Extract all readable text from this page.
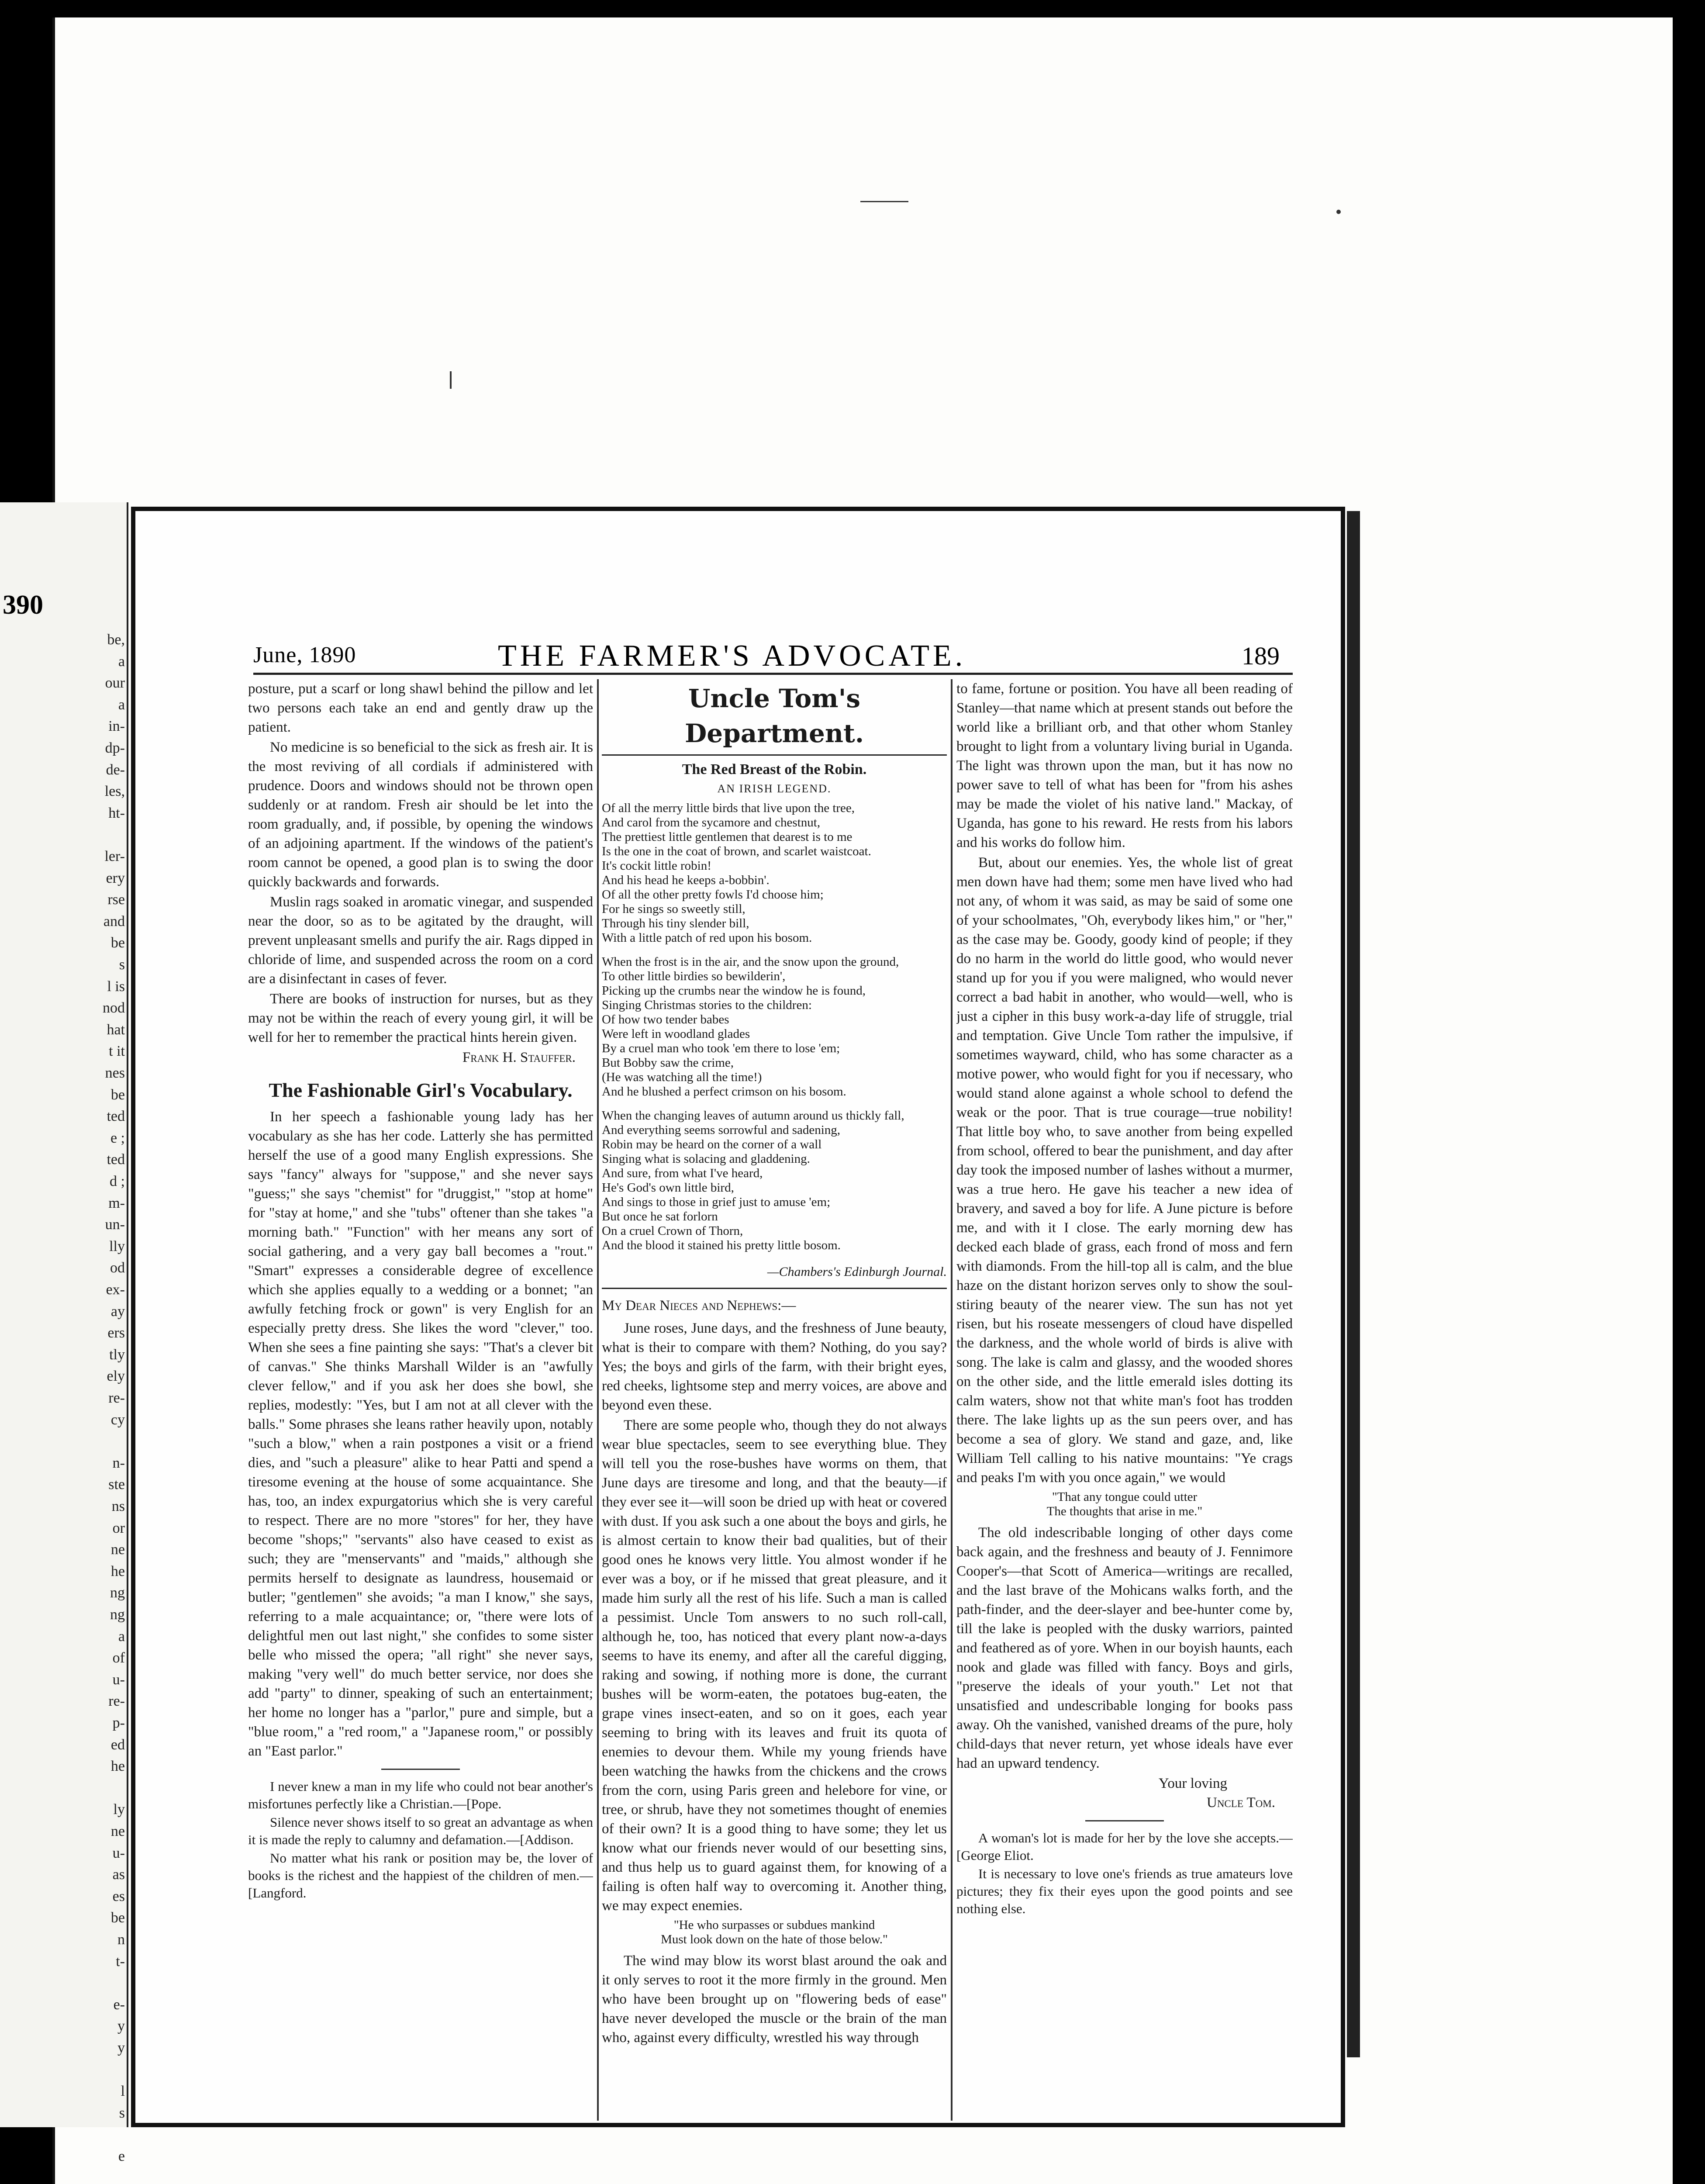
390
be,
a
our
a
in-
dp-
de-
les,
ht-
ler-
ery
rse
and
be
s
l is
nod
hat
t it
nes
be
ted
e ;
ted
d ;
m-
un-
lly
od
ex-
ay
ers
tly
ely
re-
cy
n-
ste
ns
or
ne
he
ng
ng
a
of
u-
re-
p-
ed
he
ly
ne
u-
as
es
be
n
t-
e-
y
y
l
s
e
June, 1890	THE FARMER'S ADVOCATE.	189

posture, put a scarf or long shawl behind the pillow and let two persons each take an end and gently draw up the patient.

No medicine is so beneficial to the sick as fresh air. It is the most reviving of all cordials if administered with prudence. Doors and windows should not be thrown open suddenly or at random. Fresh air should be let into the room gradually, and, if possible, by opening the windows of an adjoining apartment. If the windows of the patient's room cannot be opened, a good plan is to swing the door quickly backwards and forwards.

Muslin rags soaked in aromatic vinegar, and suspended near the door, so as to be agitated by the draught, will prevent unpleasant smells and purify the air. Rags dipped in chloride of lime, and suspended across the room on a cord are a disinfectant in cases of fever.

There are books of instruction for nurses, but as they may not be within the reach of every young girl, it will be well for her to remember the practical hints herein given.

Frank H. Stauffer.
The Fashionable Girl's Vocabulary.

In her speech a fashionable young lady has her vocabulary as she has her code. Latterly she has permitted herself the use of a good many English expressions. She says "fancy" always for "suppose," and she never says "guess;" she says "chemist" for "druggist," "stop at home" for "stay at home," and she "tubs" oftener than she takes "a morning bath." "Function" with her means any sort of social gathering, and a very gay ball becomes a "rout." "Smart" expresses a considerable degree of excellence which she applies equally to a wedding or a bonnet; "an awfully fetching frock or gown" is very English for an especially pretty dress. She likes the word "clever," too. When she sees a fine painting she says: "That's a clever bit of canvas." She thinks Marshall Wilder is an "awfully clever fellow," and if you ask her does she bowl, she replies, modestly: "Yes, but I am not at all clever with the balls." Some phrases she leans rather heavily upon, notably "such a blow," when a rain postpones a visit or a friend dies, and "such a pleasure" alike to hear Patti and spend a tiresome evening at the house of some acquaintance. She has, too, an index expurgatorius which she is very careful to respect. There are no more "stores" for her, they have become "shops;" "servants" also have ceased to exist as such; they are "menservants" and "maids," although she permits herself to designate as laundress, housemaid or butler; "gentlemen" she avoids; "a man I know," she says, referring to a male acquaintance; or, "there were lots of delightful men out last night," she confides to some sister belle who missed the opera; "all right" she never says, making "very well" do much better service, nor does she add "party" to dinner, speaking of such an entertainment; her home no longer has a "parlor," pure and simple, but a "blue room," a "red room," a "Japanese room," or possibly an "East parlor."

I never knew a man in my life who could not bear another's misfortunes perfectly like a Christian.—[Pope.

Silence never shows itself to so great an advantage as when it is made the reply to calumny and defamation.—[Addison.

No matter what his rank or position may be, the lover of books is the richest and the happiest of the children of men.—[Langford.

Uncle Tom's Department.
The Red Breast of the Robin.
AN IRISH LEGEND.
Of all the merry little birds that live upon the tree,
And carol from the sycamore and chestnut,
The prettiest little gentlemen that dearest is to me
Is the one in the coat of brown, and scarlet waistcoat.
It's cockit little robin!
And his head he keeps a-bobbin'.
Of all the other pretty fowls I'd choose him;
For he sings so sweetly still,
Through his tiny slender bill,
With a little patch of red upon his bosom.
When the frost is in the air, and the snow upon the ground,
To other little birdies so bewilderin',
Picking up the crumbs near the window he is found,
Singing Christmas stories to the children:
Of how two tender babes
Were left in woodland glades
By a cruel man who took 'em there to lose 'em;
But Bobby saw the crime,
(He was watching all the time!)
And he blushed a perfect crimson on his bosom.
When the changing leaves of autumn around us thickly fall,
And everything seems sorrowful and sadening,
Robin may be heard on the corner of a wall
Singing what is solacing and gladdening.
And sure, from what I've heard,
He's God's own little bird,
And sings to those in grief just to amuse 'em;
But once he sat forlorn
On a cruel Crown of Thorn,
And the blood it stained his pretty little bosom.
—Chambers's Edinburgh Journal.
My Dear Nieces and Nephews:—

June roses, June days, and the freshness of June beauty, what is their to compare with them? Nothing, do you say? Yes; the boys and girls of the farm, with their bright eyes, red cheeks, lightsome step and merry voices, are above and beyond even these.

There are some people who, though they do not always wear blue spectacles, seem to see everything blue. They will tell you the rose-bushes have worms on them, that June days are tiresome and long, and that the beauty—if they ever see it—will soon be dried up with heat or covered with dust. If you ask such a one about the boys and girls, he is almost certain to know their bad qualities, but of their good ones he knows very little. You almost wonder if he ever was a boy, or if he missed that great pleasure, and it made him surly all the rest of his life. Such a man is called a pessimist. Uncle Tom answers to no such roll-call, although he, too, has noticed that every plant now-a-days seems to have its enemy, and after all the careful digging, raking and sowing, if nothing more is done, the currant bushes will be worm-eaten, the potatoes bug-eaten, the grape vines insect-eaten, and so on it goes, each year seeming to bring with its leaves and fruit its quota of enemies to devour them. While my young friends have been watching the hawks from the chickens and the crows from the corn, using Paris green and helebore for vine, or tree, or shrub, have they not sometimes thought of enemies of their own? It is a good thing to have some; they let us know what our friends never would of our besetting sins, and thus help us to guard against them, for knowing of a failing is often half way to overcoming it. Another thing, we may expect enemies.

"He who surpasses or subdues mankind
Must look down on the hate of those below."

The wind may blow its worst blast around the oak and it only serves to root it the more firmly in the ground. Men who have been brought up on "flowering beds of ease" have never developed the muscle or the brain of the man who, against every difficulty, wrestled his way through

to fame, fortune or position. You have all been reading of Stanley—that name which at present stands out before the world like a brilliant orb, and that other whom Stanley brought to light from a voluntary living burial in Uganda. The light was thrown upon the man, but it has now no power save to tell of what has been for "from his ashes may be made the violet of his native land." Mackay, of Uganda, has gone to his reward. He rests from his labors and his works do follow him.

But, about our enemies. Yes, the whole list of great men down have had them; some men have lived who had not any, of whom it was said, as may be said of some one of your schoolmates, "Oh, everybody likes him," or "her," as the case may be. Goody, goody kind of people; if they do no harm in the world do little good, who would never stand up for you if you were maligned, who would never correct a bad habit in another, who would—well, who is just a cipher in this busy work-a-day life of struggle, trial and temptation. Give Uncle Tom rather the impulsive, if sometimes wayward, child, who has some character as a motive power, who would fight for you if necessary, who would stand alone against a whole school to defend the weak or the poor. That is true courage—true nobility! That little boy who, to save another from being expelled from school, offered to bear the punishment, and day after day took the imposed number of lashes without a murmer, was a true hero. He gave his teacher a new idea of bravery, and saved a boy for life. A June picture is before me, and with it I close. The early morning dew has decked each blade of grass, each frond of moss and fern with diamonds. From the hill-top all is calm, and the blue haze on the distant horizon serves only to show the soul-stiring beauty of the nearer view. The sun has not yet risen, but his roseate messengers of cloud have dispelled the darkness, and the whole world of birds is alive with song. The lake is calm and glassy, and the wooded shores on the other side, and the little emerald isles dotting its calm waters, show not that white man's foot has trodden there. The lake lights up as the sun peers over, and has become a sea of glory. We stand and gaze, and, like William Tell calling to his native mountains: "Ye crags and peaks I'm with you once again," we would

"That any tongue could utter
The thoughts that arise in me."

The old indescribable longing of other days come back again, and the freshness and beauty of J. Fennimore Cooper's—that Scott of America—writings are recalled, and the last brave of the Mohicans walks forth, and the path-finder, and the deer-slayer and bee-hunter come by, till the lake is peopled with the dusky warriors, painted and feathered as of yore. When in our boyish haunts, each nook and glade was filled with fancy. Boys and girls, "preserve the ideals of your youth." Let not that unsatisfied and undescribable longing for books pass away. Oh the vanished, vanished dreams of the pure, holy child-days that never return, yet whose ideals have ever had an upward tendency.

Your loving
Uncle Tom.

A woman's lot is made for her by the love she accepts.—[George Eliot.

It is necessary to love one's friends as true amateurs love pictures; they fix their eyes upon the good points and see nothing else.
